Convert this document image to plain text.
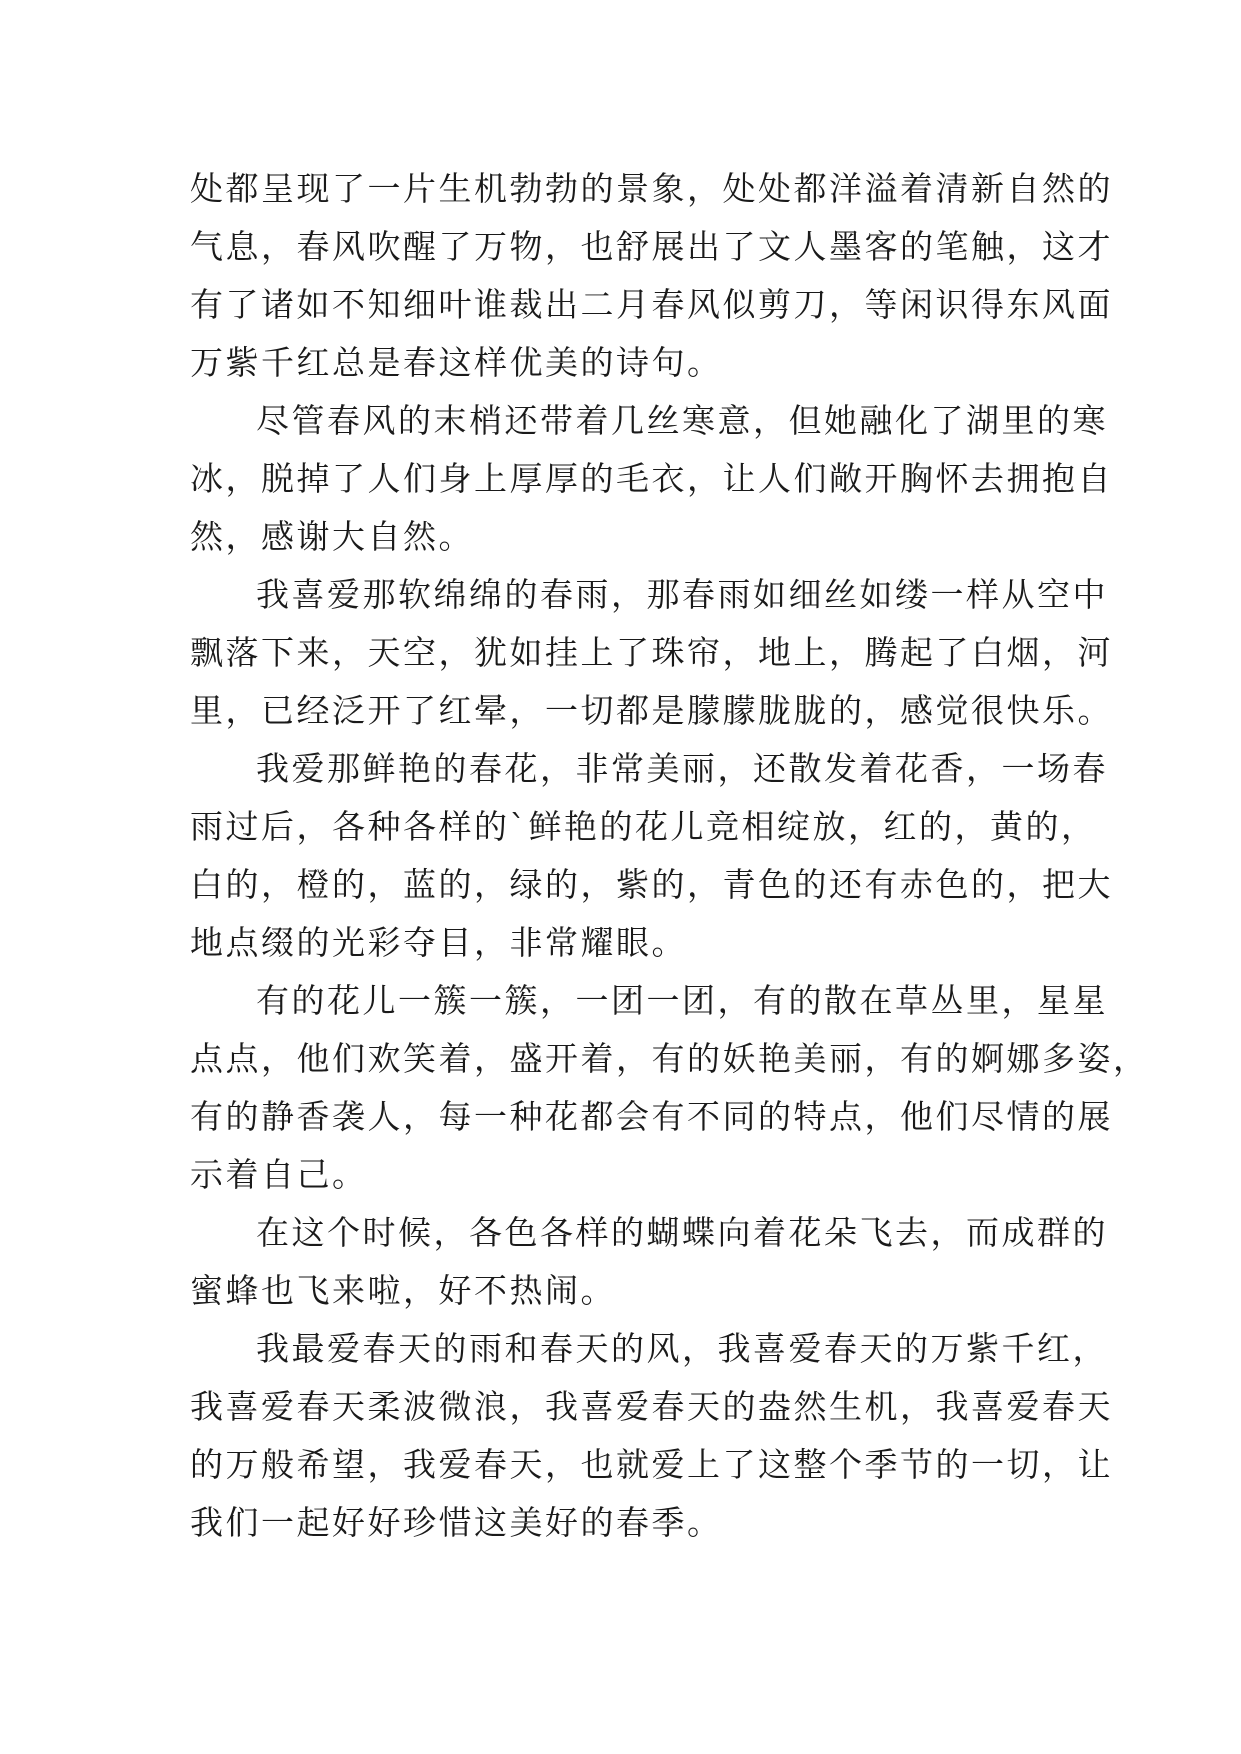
处都呈现了一片生机勃勃的景象，处处都洋溢着清新自然的
气息，春风吹醒了万物，也舒展出了文人墨客的笔触，这才
有了诸如不知细叶谁裁出二月春风似剪刀，等闲识得东风面
万紫千红总是春这样优美的诗句。

尽管春风的末梢还带着几丝寒意，但她融化了湖里的寒
冰，脱掉了人们身上厚厚的毛衣，让人们敞开胸怀去拥抱自
然，感谢大自然。

我喜爱那软绵绵的春雨，那春雨如细丝如缕一样从空中
飘落下来，天空，犹如挂上了珠帘，地上，腾起了白烟，河
里，已经泛开了红晕，一切都是朦朦胧胧的，感觉很快乐。

我爱那鲜艳的春花，非常美丽，还散发着花香，一场春
雨过后，各种各样的`鲜艳的花儿竞相绽放，红的，黄的，
白的，橙的，蓝的，绿的，紫的，青色的还有赤色的，把大
地点缀的光彩夺目，非常耀眼。

有的花儿一簇一簇，一团一团，有的散在草丛里，星星
点点，他们欢笑着，盛开着，有的妖艳美丽，有的婀娜多姿，
有的静香袭人，每一种花都会有不同的特点，他们尽情的展
示着自己。

在这个时候，各色各样的蝴蝶向着花朵飞去，而成群的
蜜蜂也飞来啦，好不热闹。

我最爱春天的雨和春天的风，我喜爱春天的万紫千红，
我喜爱春天柔波微浪，我喜爱春天的盎然生机，我喜爱春天
的万般希望，我爱春天，也就爱上了这整个季节的一切，让
我们一起好好珍惜这美好的春季。
